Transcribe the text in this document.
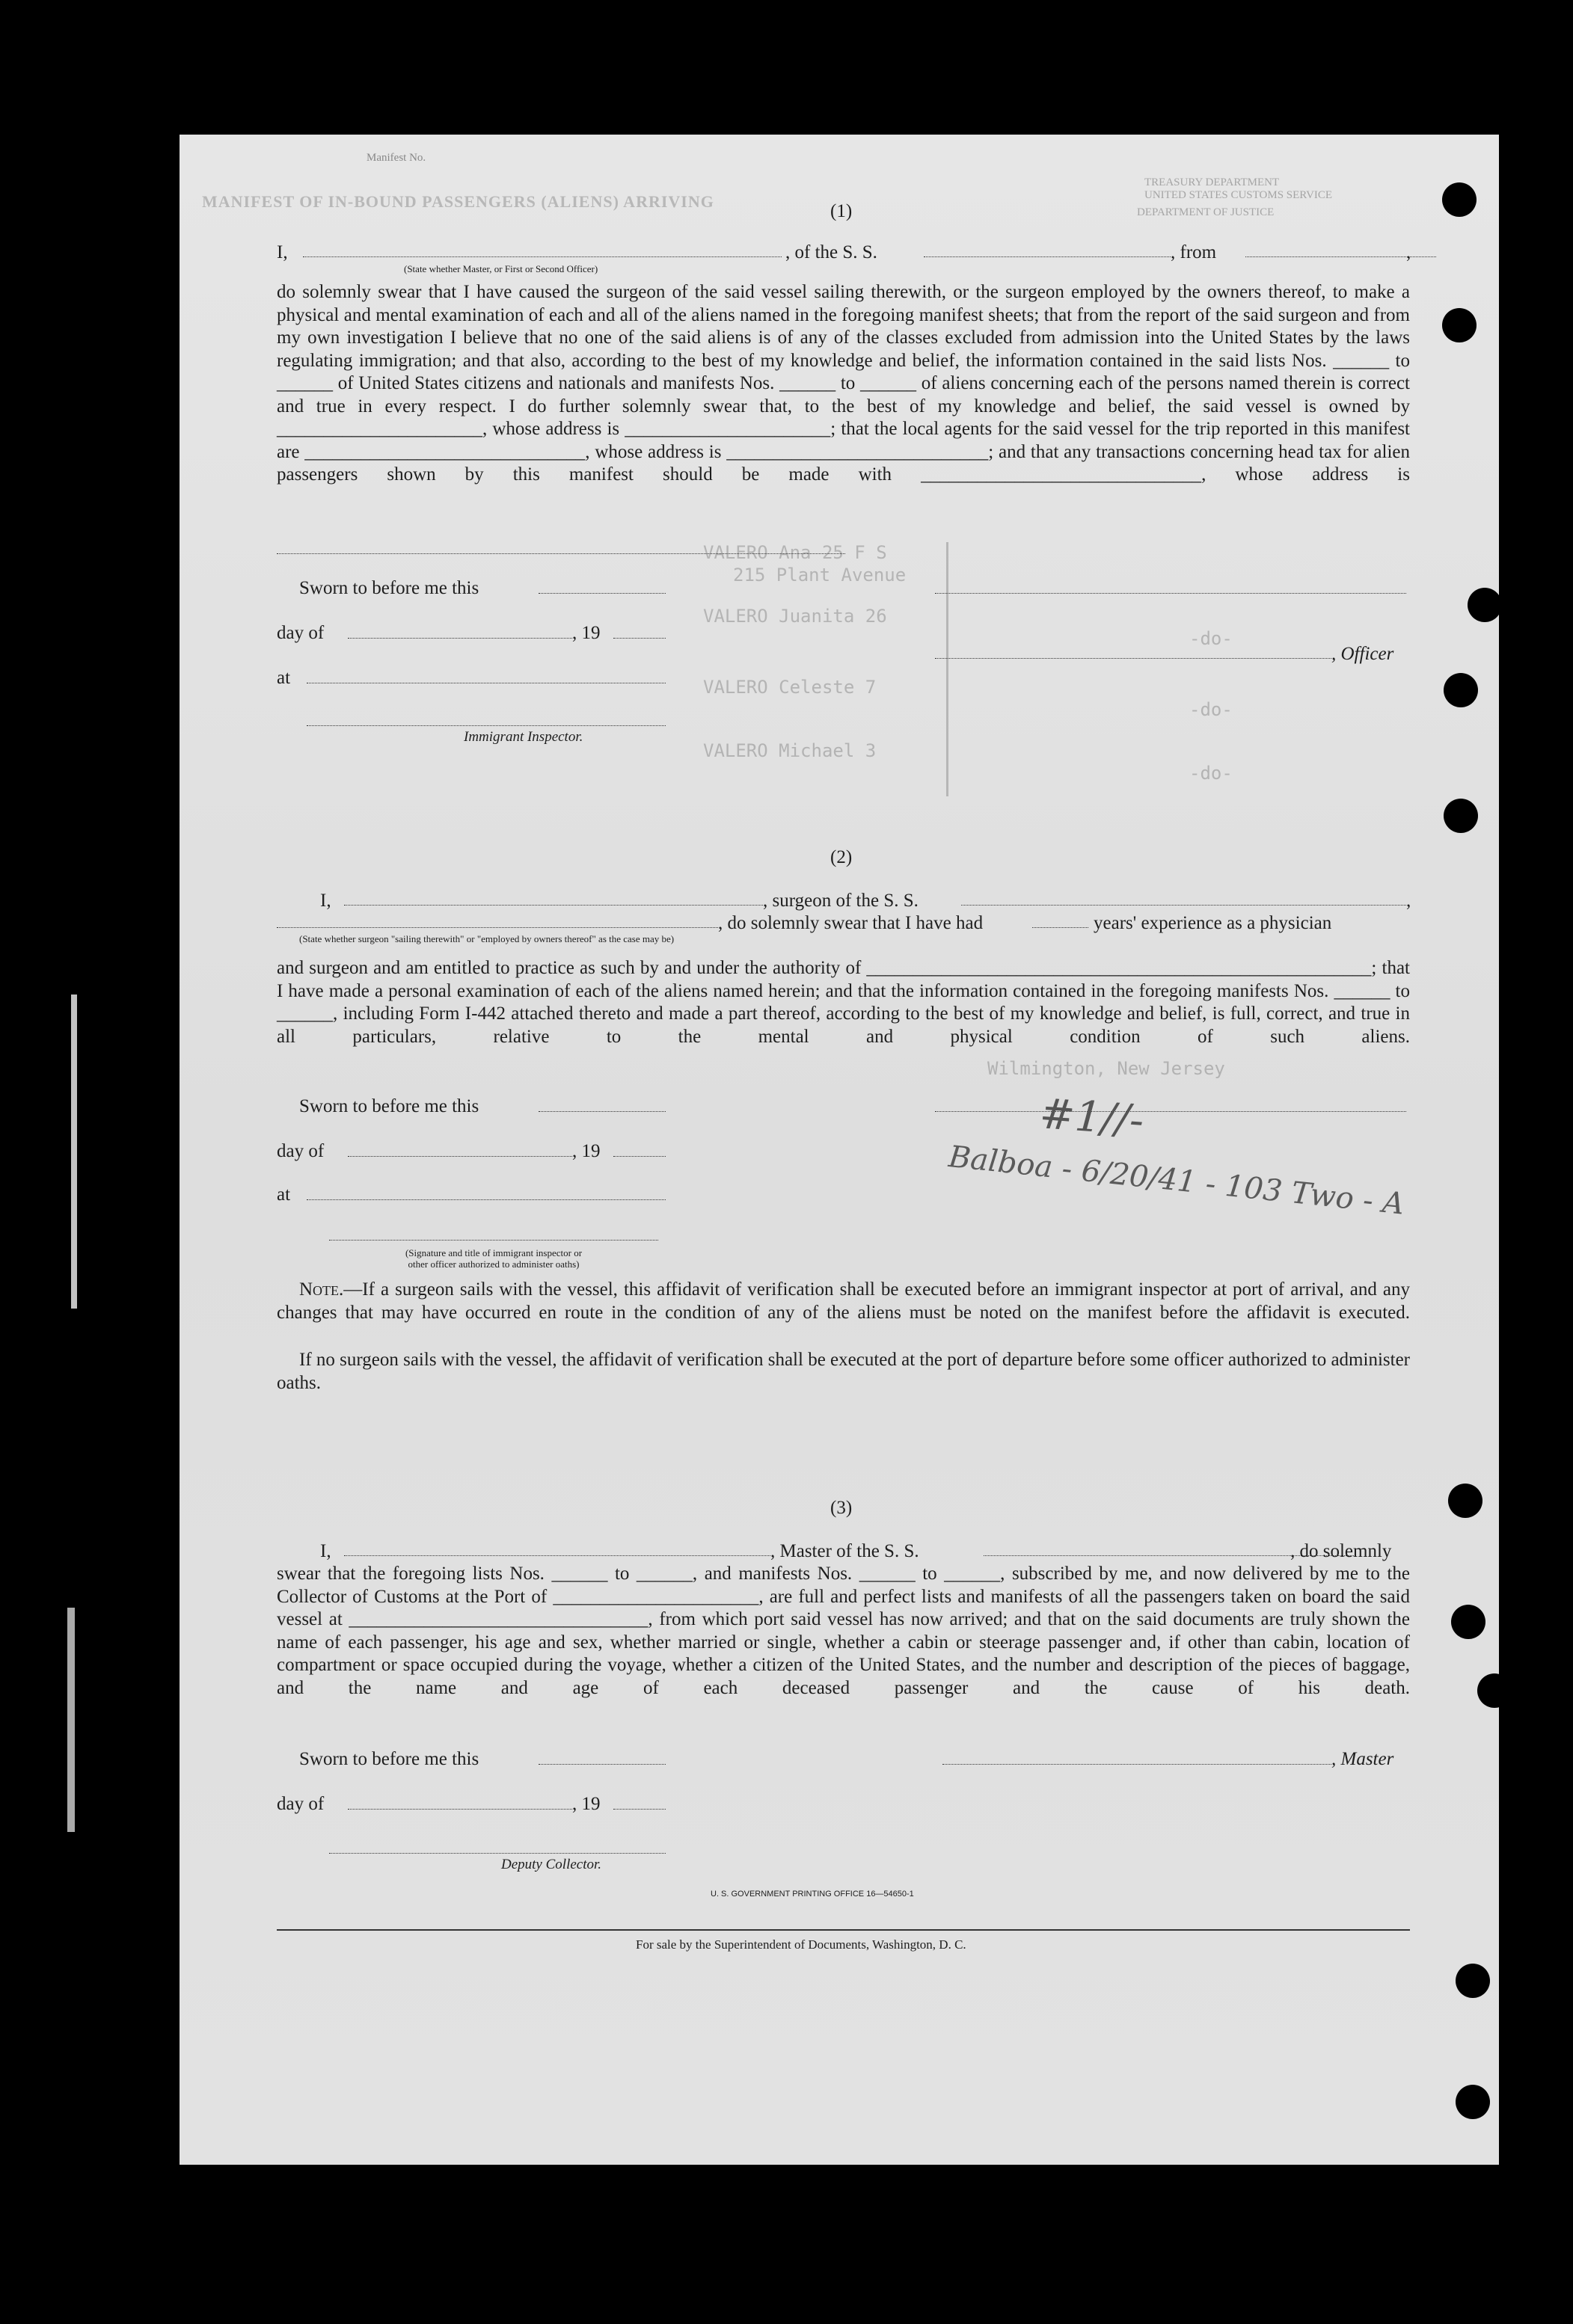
Manifest No.
MANIFEST OF IN-BOUND PASSENGERS (ALIENS) ARRIVING
TREASURY DEPARTMENT
UNITED STATES CUSTOMS SERVICE
DEPARTMENT OF JUSTICE
VALERO Ana 25 F S
215 Plant Avenue
VALERO Juanita 26
-do-
VALERO Celeste 7
-do-
VALERO Michael 3
-do-
Wilmington, New Jersey
(1)
I,	, of the S. S.	, from	,
(State whether Master, or First or Second Officer)
do solemnly swear that I have caused the surgeon of the said vessel sailing therewith, or the surgeon employed by the owners thereof, to make a physical and mental examination of each and all of the aliens named in the foregoing manifest sheets; that from the report of the said surgeon and from my own investigation I believe that no one of the said aliens is of any of the classes excluded from admission into the United States by the laws regulating immigration; and that also, according to the best of my knowledge and belief, the information contained in the said lists Nos. ______ to ______ of United States citizens and nationals and manifests Nos. ______ to ______ of aliens concerning each of the persons named therein is correct and true in every respect. I do further solemnly swear that, to the best of my knowledge and belief, the said vessel is owned by ______________________, whose address is ______________________; that the local agents for the said vessel for the trip reported in this manifest are ______________________________, whose address is ____________________________; and that any transactions concerning head tax for alien passengers shown by this manifest should be made with ______________________________, whose address is
Sworn to before me this
day of	, 19
, Officer
at
Immigrant Inspector.
(2)
I,	, surgeon of the S. S.	,
, do solemnly swear that I have had	years' experience as a physician
(State whether surgeon "sailing therewith" or "employed by owners thereof" as the case may be)
and surgeon and am entitled to practice as such by and under the authority of ______________________________________________________; that I have made a personal examination of each of the aliens named herein; and that the information contained in the foregoing manifests Nos. ______ to ______, including Form I-442 attached thereto and made a part thereof, according to the best of my knowledge and belief, is full, correct, and true in all particulars, relative to the mental and physical condition of such aliens.
Sworn to before me this
day of	, 19
at
(Signature and title of immigrant inspector or
other officer authorized to administer oaths)
#1//-
Balboa - 6/20/41 - 103 Two - A
Note.—If a surgeon sails with the vessel, this affidavit of verification shall be executed before an immigrant inspector at port of arrival, and any changes that may have occurred en route in the condition of any of the aliens must be noted on the manifest before the affidavit is executed.
If no surgeon sails with the vessel, the affidavit of verification shall be executed at the port of departure before some officer authorized to administer oaths.
(3)
I,	, Master of the S. S.	, do solemnly
swear that the foregoing lists Nos. ______ to ______, and manifests Nos. ______ to ______, subscribed by me, and now delivered by me to the Collector of Customs at the Port of ______________________, are full and perfect lists and manifests of all the passengers taken on board the said vessel at ________________________________, from which port said vessel has now arrived; and that on the said documents are truly shown the name of each passenger, his age and sex, whether married or single, whether a cabin or steerage passenger and, if other than cabin, location of compartment or space occupied during the voyage, whether a citizen of the United States, and the number and description of the pieces of baggage, and the name and age of each deceased passenger and the cause of his death.
Sworn to before me this	, Master
day of	, 19
Deputy Collector.
U. S. GOVERNMENT PRINTING OFFICE 16—54650-1
For sale by the Superintendent of Documents, Washington, D. C.
